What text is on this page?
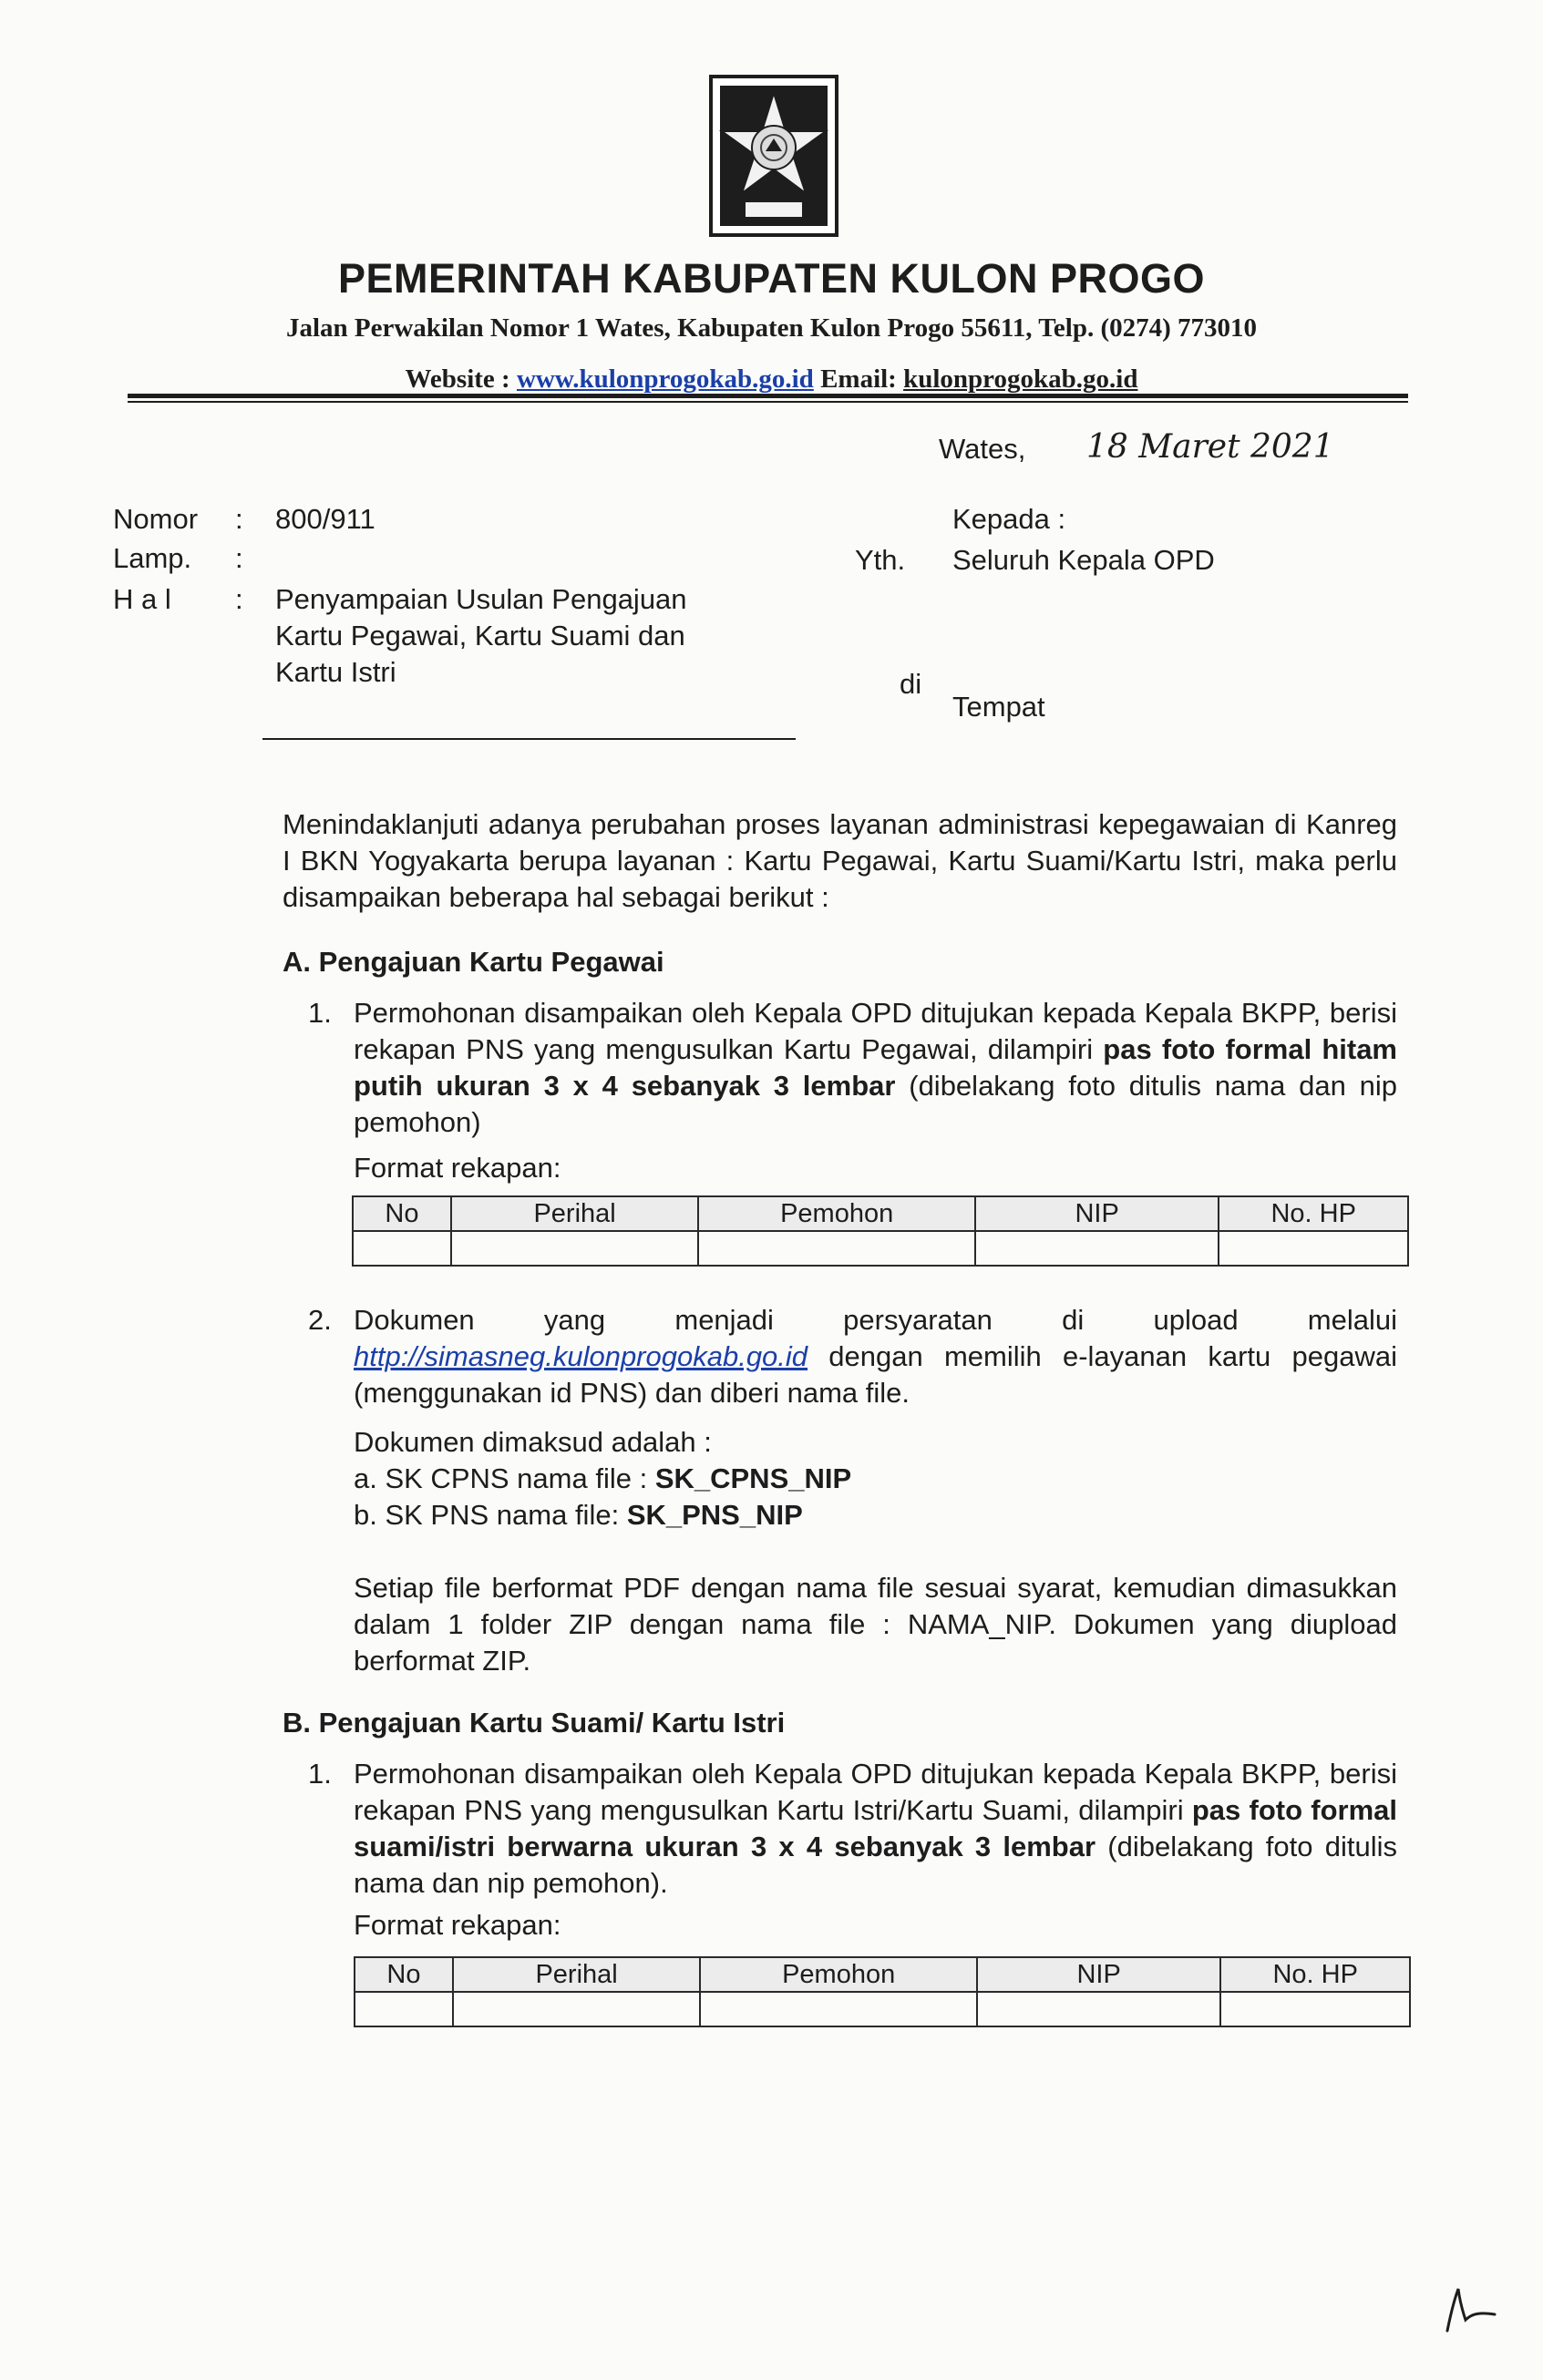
PEMERINTAH KABUPATEN KULON PROGO
Jalan Perwakilan Nomor 1 Wates, Kabupaten Kulon Progo 55611, Telp. (0274) 773010
Website : www.kulonprogokab.go.id Email: kulonprogokab.go.id
Wates, 18 Maret 2021
Nomor : 800/911
Lamp. :
H a l : Penyampaian Usulan Pengajuan
Kartu Pegawai, Kartu Suami dan
Kartu Istri
Kepada :
Yth. Seluruh Kepala OPD
di
Tempat
Menindaklanjuti adanya perubahan proses layanan administrasi kepegawaian di Kanreg I BKN Yogyakarta berupa layanan : Kartu Pegawai, Kartu Suami/Kartu Istri, maka perlu disampaikan beberapa hal sebagai berikut :
A. Pengajuan Kartu Pegawai
1. Permohonan disampaikan oleh Kepala OPD ditujukan kepada Kepala BKPP, berisi rekapan PNS yang mengusulkan Kartu Pegawai, dilampiri pas foto formal hitam putih ukuran 3 x 4 sebanyak 3 lembar (dibelakang foto ditulis nama dan nip pemohon)
Format rekapan:
No	Perihal	Pemohon	NIP	No. HP

2. Dokumen yang menjadi persyaratan di upload melalui http://simasneg.kulonprogokab.go.id dengan memilih e-layanan kartu pegawai (menggunakan id PNS) dan diberi nama file.
Dokumen dimaksud adalah :
a. SK CPNS nama file : SK_CPNS_NIP
b. SK PNS nama file: SK_PNS_NIP
Setiap file berformat PDF dengan nama file sesuai syarat, kemudian dimasukkan dalam 1 folder ZIP dengan nama file : NAMA_NIP. Dokumen yang diupload berformat ZIP.
B. Pengajuan Kartu Suami/ Kartu Istri
1. Permohonan disampaikan oleh Kepala OPD ditujukan kepada Kepala BKPP, berisi rekapan PNS yang mengusulkan Kartu Istri/Kartu Suami, dilampiri pas foto formal suami/istri berwarna ukuran 3 x 4 sebanyak 3 lembar (dibelakang foto ditulis nama dan nip pemohon).
Format rekapan:
No	Perihal	Pemohon	NIP	No. HP
